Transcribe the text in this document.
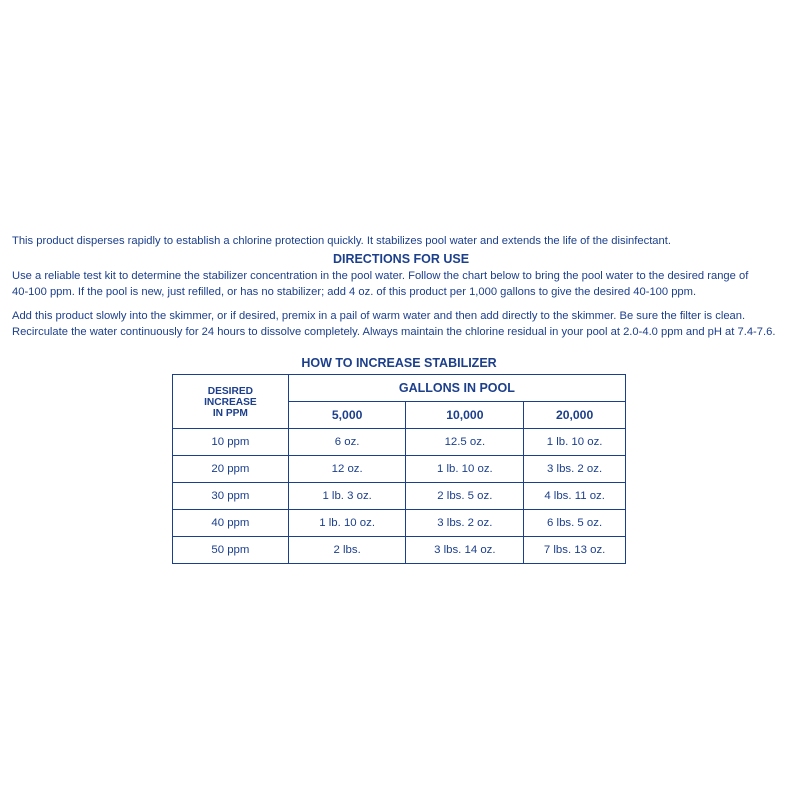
This product disperses rapidly to establish a chlorine protection quickly. It stabilizes pool water and extends the life of the disinfectant.

DIRECTIONS FOR USE

Use a reliable test kit to determine the stabilizer concentration in the pool water. Follow the chart below to bring the pool water to the desired range of
40-100 ppm. If the pool is new, just refilled, or has no stabilizer; add 4 oz. of this product per 1,000 gallons to give the desired 40-100 ppm.

Add this product slowly into the skimmer, or if desired, premix in a pail of warm water and then add directly to the skimmer. Be sure the filter is clean.
Recirculate the water continuously for 24 hours to dissolve completely. Always maintain the chlorine residual in your pool at 2.0-4.0 ppm and pH at 7.4-7.6.

HOW TO INCREASE STABILIZER
DESIRED
INCREASE
IN PPM	GALLONS IN POOL		
	5,000	10,000	20,000
10 ppm	6 oz.	12.5 oz.	1 lb. 10 oz.
20 ppm	12 oz.	1 lb. 10 oz.	3 lbs. 2 oz.
30 ppm	1 lb. 3 oz.	2 lbs. 5 oz.	4 lbs. 11 oz.
40 ppm	1 lb. 10 oz.	3 lbs. 2 oz.	6 lbs. 5 oz.
50 ppm	2 lbs.	3 lbs. 14 oz.	7 lbs. 13 oz.
